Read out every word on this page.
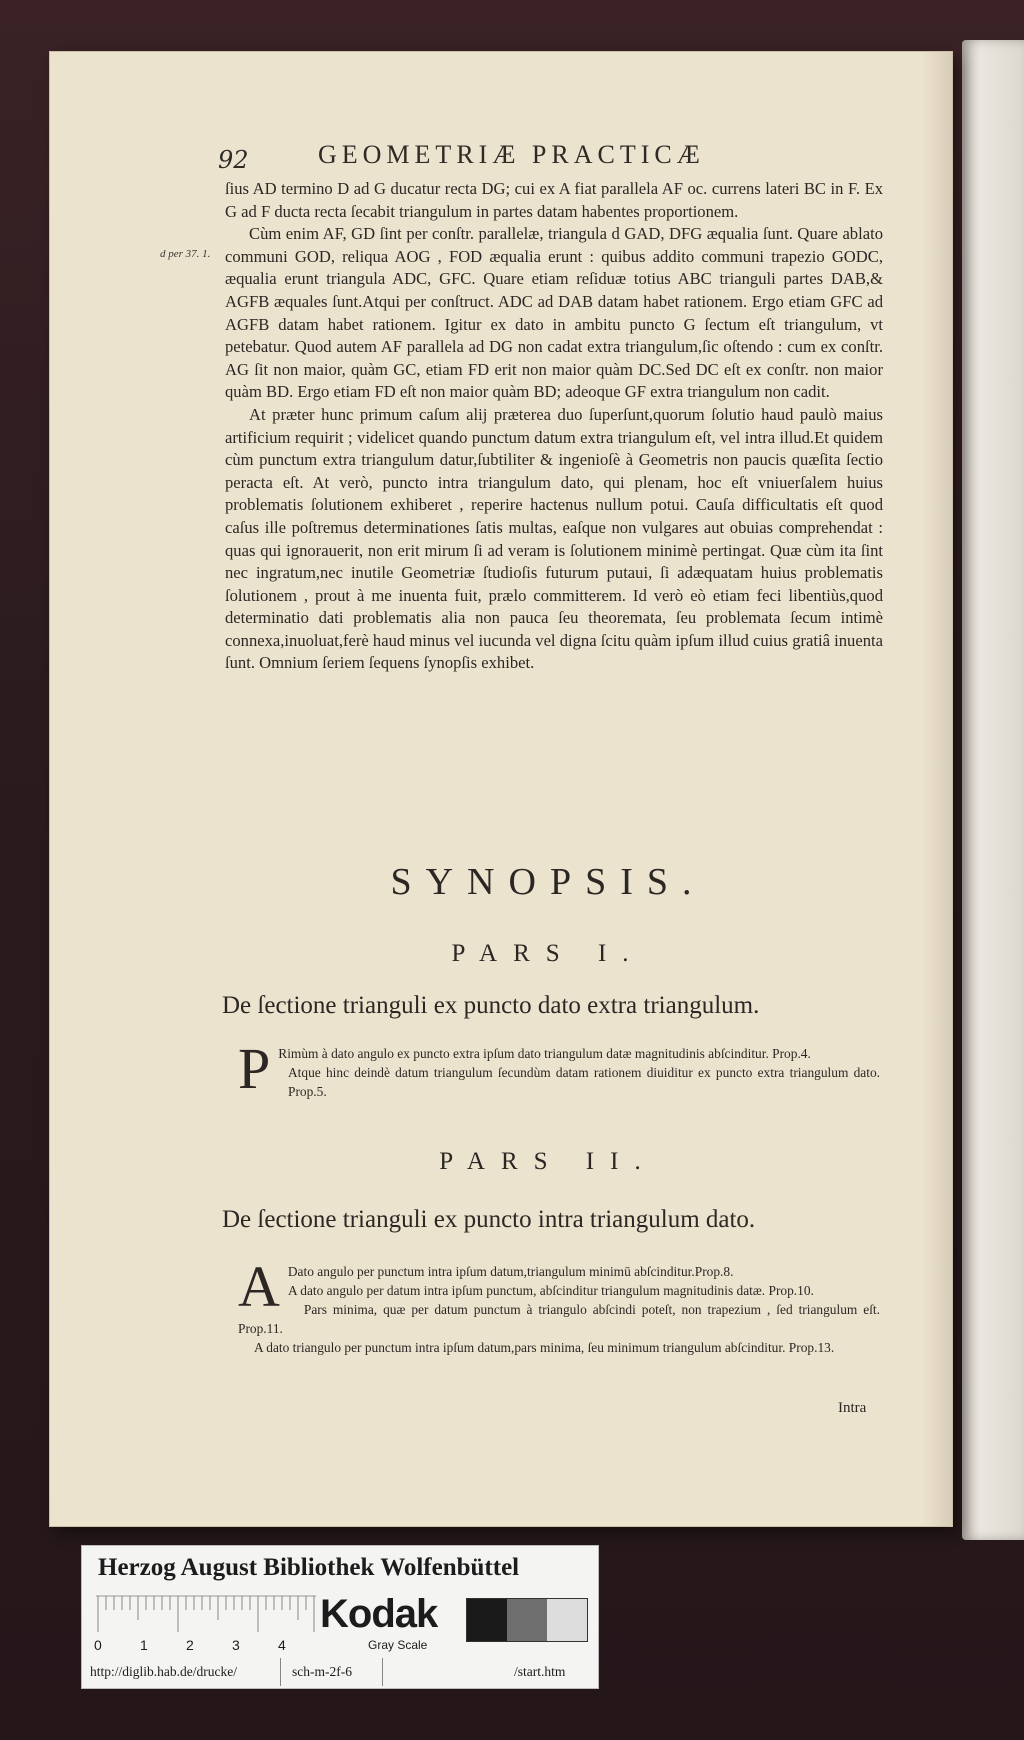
92	GEOMETRIÆ PRACTICÆ
d per 37. 1.

ſius AD termino D ad G ducatur recta DG; cui ex A fiat parallela AF oc. currens lateri BC in F. Ex G ad F ducta recta ſecabit triangulum in partes datam habentes proportionem.

Cùm enim AF, GD ſint per conſtr. parallelæ, triangula d GAD, DFG æqualia ſunt. Quare ablato communi GOD, reliqua AOG , FOD æqualia erunt : quibus addito communi trapezio GODC, æqualia erunt triangula ADC, GFC. Quare etiam reſiduæ totius ABC trianguli partes DAB,& AGFB æquales ſunt.Atqui per conſtruct. ADC ad DAB datam habet rationem. Ergo etiam GFC ad AGFB datam habet rationem. Igitur ex dato in ambitu puncto G ſectum eſt triangulum, vt petebatur. Quod autem AF parallela ad DG non cadat extra triangulum,ſic oſtendo : cum ex conſtr. AG ſit non maior, quàm GC, etiam FD erit non maior quàm DC.Sed DC eſt ex conſtr. non maior quàm BD. Ergo etiam FD eſt non maior quàm BD; adeoque GF extra triangulum non cadit.

At præter hunc primum caſum alij præterea duo ſuperſunt,quorum ſolutio haud paulò maius artificium requirit ; videlicet quando punctum datum extra triangulum eſt, vel intra illud.Et quidem cùm punctum extra triangulum datur,ſubtiliter & ingenioſè à Geometris non paucis quæſita ſectio peracta eſt. At verò, puncto intra triangulum dato, qui plenam, hoc eſt vniuerſalem huius problematis ſolutionem exhiberet , reperire hactenus nullum potui. Cauſa difficultatis eſt quod caſus ille poſtremus determinationes ſatis multas, eaſque non vulgares aut obuias comprehendat : quas qui ignorauerit, non erit mirum ſi ad veram is ſolutionem minimè pertingat. Quæ cùm ita ſint nec ingratum,nec inutile Geometriæ ſtudioſis futurum putaui, ſi adæquatam huius problematis ſolutionem , prout à me inuenta fuit, prælo committerem. Id verò eò etiam feci libentiùs,quod determinatio dati problematis alia non pauca ſeu theoremata, ſeu problemata ſecum intimè connexa,inuoluat,ferè haud minus vel iucunda vel digna ſcitu quàm ipſum illud cuius gratiâ inuenta ſunt. Omnium ſeriem ſequens ſynopſis exhibet.

SYNOPSIS.
PARS I.
De ſectione trianguli ex puncto dato extra triangulum.
P Rimùm à dato angulo ex puncto extra ipſum dato triangulum datæ magnitudinis abſcinditur. Prop.4.

Atque hinc deindè datum triangulum ſecundùm datam rationem diuiditur ex puncto extra triangulum dato. Prop.5.

PARS II.
De ſectione trianguli ex puncto intra triangulum dato.
A Dato angulo per punctum intra ipſum datum,triangulum minimū abſcinditur.Prop.8.

A dato angulo per datum intra ipſum punctum, abſcinditur triangulum magnitudinis datæ. Prop.10.

Pars minima, quæ per datum punctum à triangulo abſcindi poteſt, non trapezium , ſed triangulum eſt. Prop.11.

A dato triangulo per punctum intra ipſum datum,pars minima, ſeu minimum triangulum abſcinditur. Prop.13.

Intra
Herzog August Bibliothek Wolfenbüttel
0	1	2	3	4
Kodak
Gray Scale
http://diglib.hab.de/drucke/	sch-m-2f-6	/start.htm
